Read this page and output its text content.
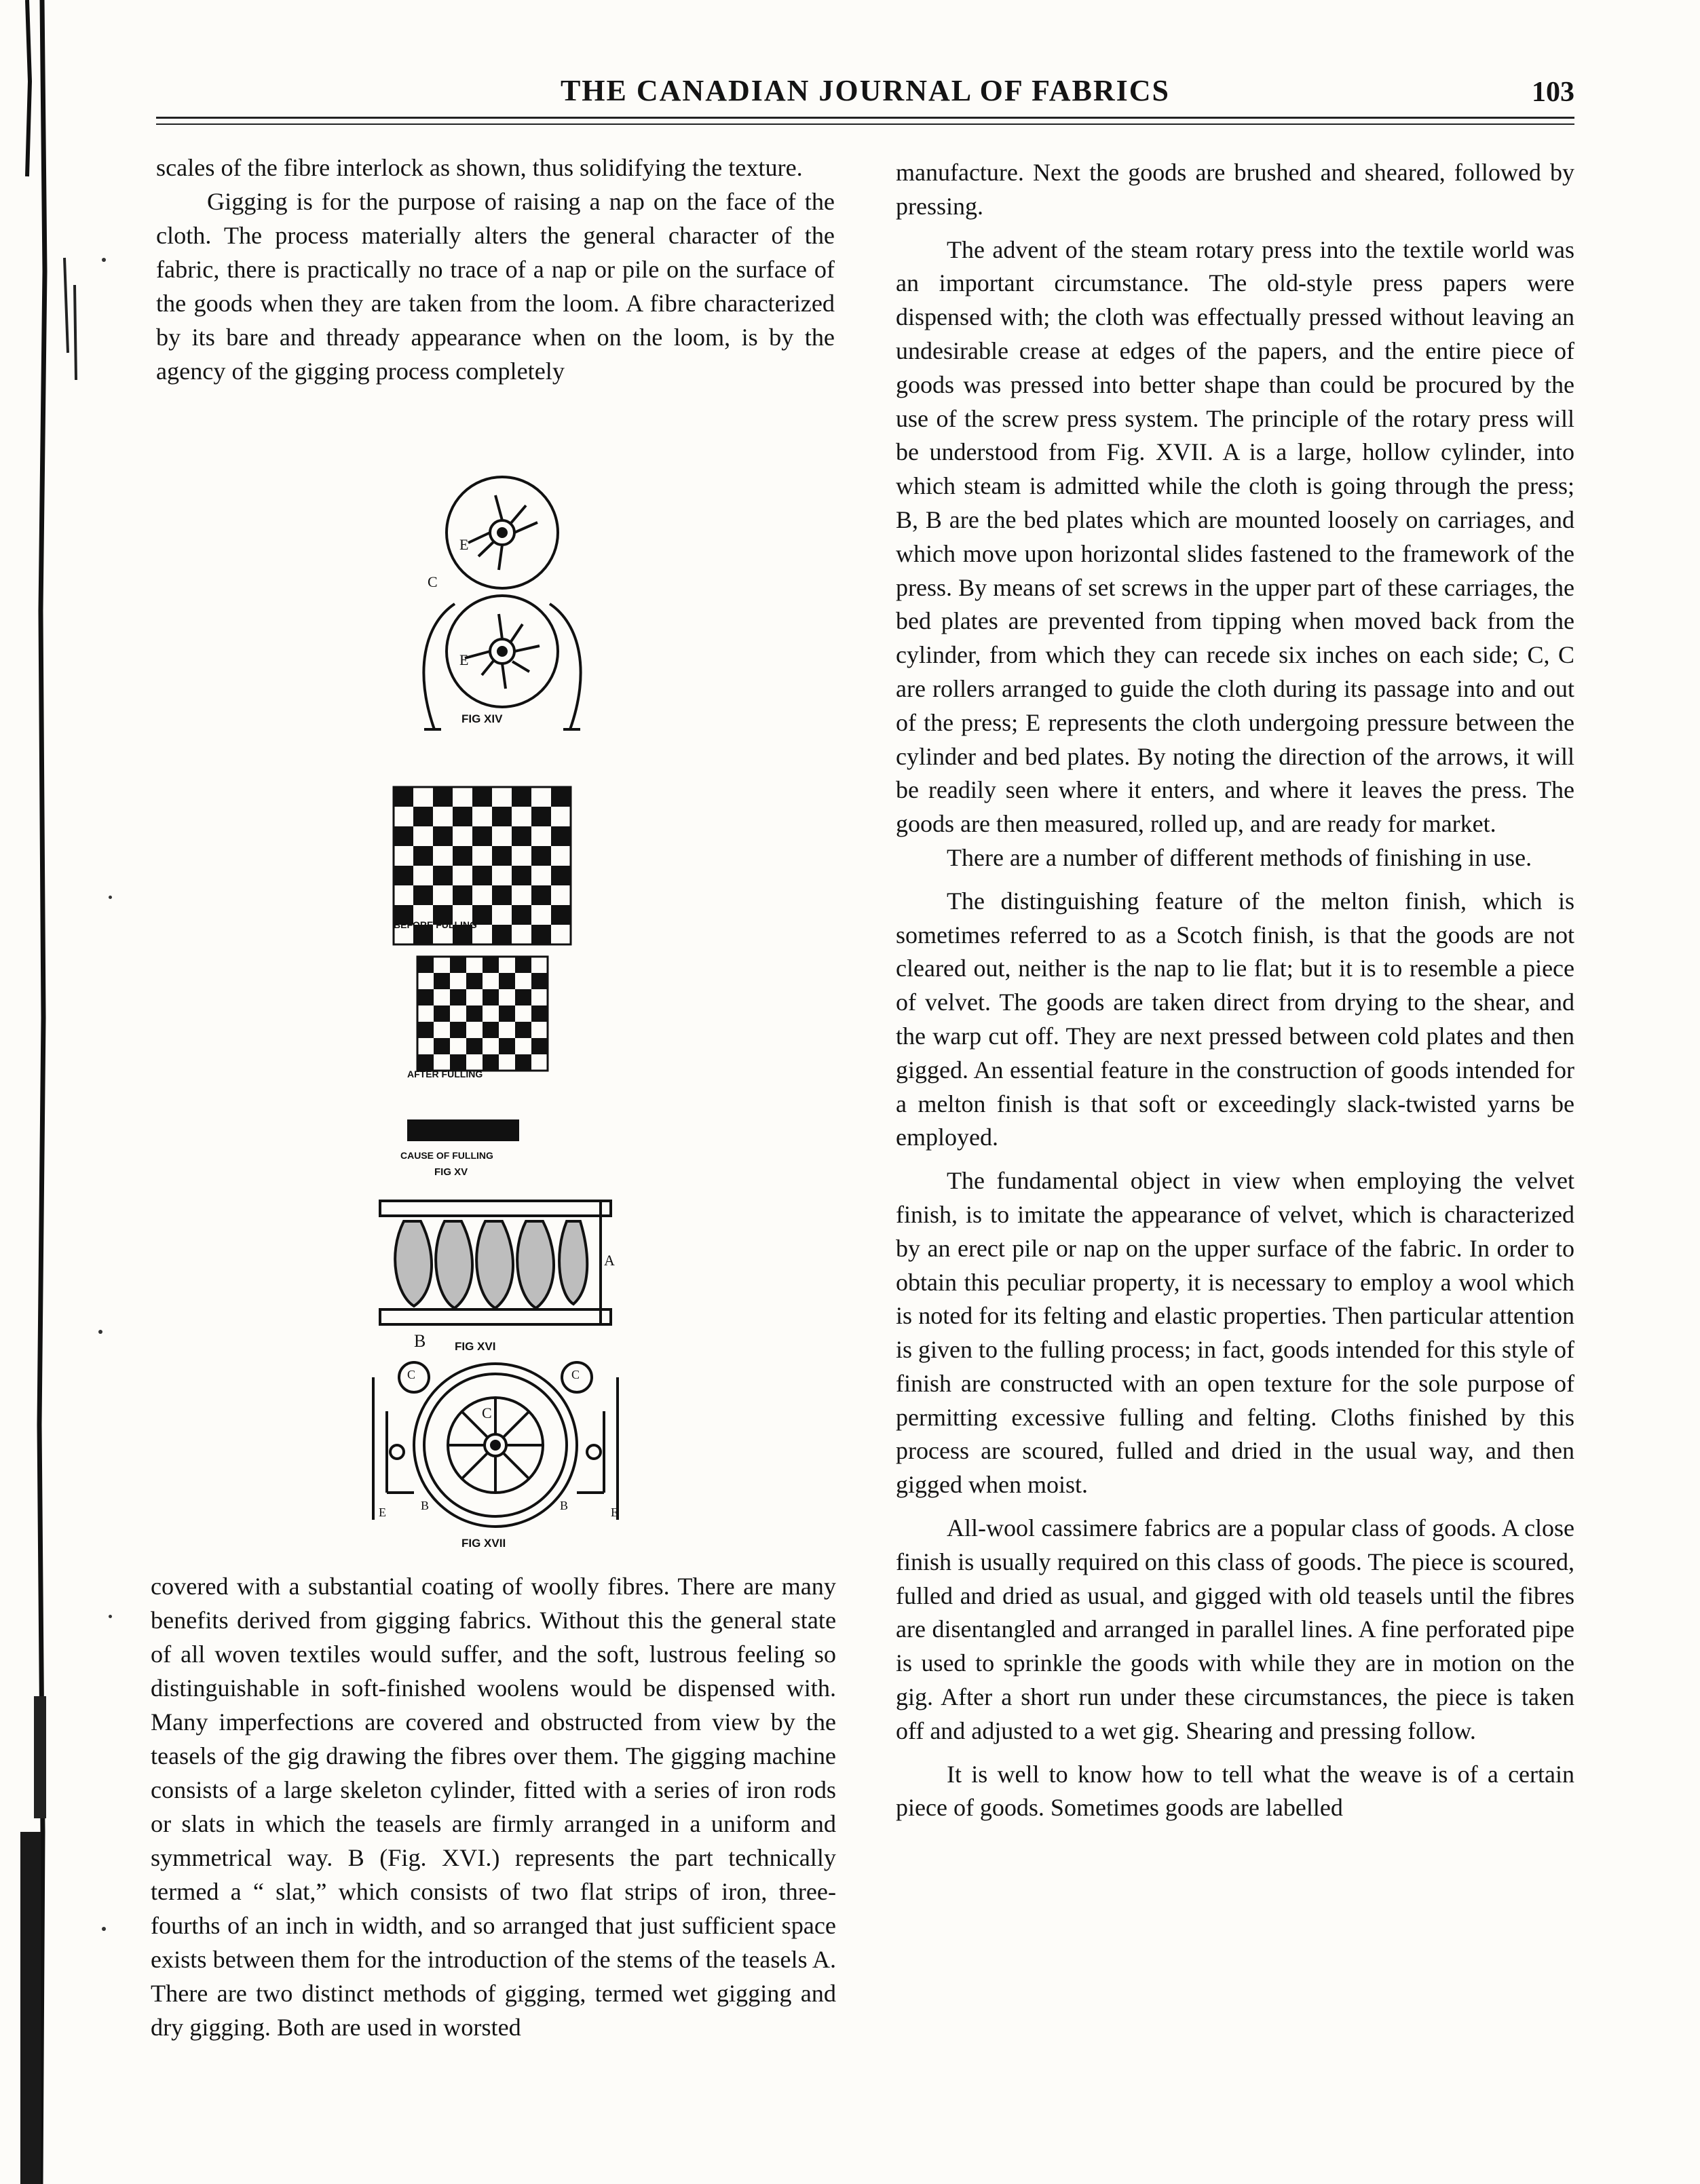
THE CANADIAN JOURNAL OF FABRICS	103

scales of the fibre interlock as shown, thus solidifying the texture.

Gigging is for the purpose of raising a nap on the face of the cloth. The process materially alters the general character of the fabric, there is practically no trace of a nap or pile on the surface of the goods when they are taken from the loom. A fibre characterized by its bare and thready appearance when on the loom, is by the agency of the gigging process completely

E
E
C
FIG XIV
BEFORE FULLING
AFTER FULLING
CAUSE OF FULLING
FIG XV
A
B	FIG XVI
C
C	C
E	B	B	E
FIG XVII

covered with a substantial coating of woolly fibres. There are many benefits derived from gigging fabrics. Without this the general state of all woven textiles would suffer, and the soft, lustrous feeling so distinguishable in soft-finished woolens would be dispensed with. Many imperfections are covered and obstructed from view by the teasels of the gig drawing the fibres over them. The gigging machine consists of a large skeleton cylinder, fitted with a series of iron rods or slats in which the teasels are firmly arranged in a uniform and symmetrical way. B (Fig. XVI.) represents the part technically termed a “ slat,” which consists of two flat strips of iron, three-fourths of an inch in width, and so arranged that just sufficient space exists between them for the introduction of the stems of the teasels A. There are two distinct methods of gigging, termed wet gigging and dry gigging. Both are used in worsted

manufacture. Next the goods are brushed and sheared, followed by pressing.

The advent of the steam rotary press into the textile world was an important circumstance. The old-style press papers were dispensed with; the cloth was effectually pressed without leaving an undesirable crease at edges of the papers, and the entire piece of goods was pressed into better shape than could be procured by the use of the screw press system. The principle of the rotary press will be understood from Fig. XVII. A is a large, hollow cylinder, into which steam is admitted while the cloth is going through the press; B, B are the bed plates which are mounted loosely on carriages, and which move upon horizontal slides fastened to the framework of the press. By means of set screws in the upper part of these carriages, the bed plates are prevented from tipping when moved back from the cylinder, from which they can recede six inches on each side; C, C are rollers arranged to guide the cloth during its passage into and out of the press; E represents the cloth undergoing pressure between the cylinder and bed plates. By noting the direction of the arrows, it will be readily seen where it enters, and where it leaves the press. The goods are then measured, rolled up, and are ready for market.

There are a number of different methods of finishing in use.

The distinguishing feature of the melton finish, which is sometimes referred to as a Scotch finish, is that the goods are not cleared out, neither is the nap to lie flat; but it is to resemble a piece of velvet. The goods are taken direct from drying to the shear, and the warp cut off. They are next pressed between cold plates and then gigged. An essential feature in the construction of goods intended for a melton finish is that soft or exceedingly slack-twisted yarns be employed.

The fundamental object in view when employing the velvet finish, is to imitate the appearance of velvet, which is characterized by an erect pile or nap on the upper surface of the fabric. In order to obtain this peculiar property, it is necessary to employ a wool which is noted for its felting and elastic properties. Then particular attention is given to the fulling process; in fact, goods intended for this style of finish are constructed with an open texture for the sole purpose of permitting excessive fulling and felting. Cloths finished by this process are scoured, fulled and dried in the usual way, and then gigged when moist.

All-wool cassimere fabrics are a popular class of goods. A close finish is usually required on this class of goods. The piece is scoured, fulled and dried as usual, and gigged with old teasels until the fibres are disentangled and arranged in parallel lines. A fine perforated pipe is used to sprinkle the goods with while they are in motion on the gig. After a short run under these circumstances, the piece is taken off and adjusted to a wet gig. Shearing and pressing follow.

It is well to know how to tell what the weave is of a certain piece of goods. Sometimes goods are labelled
